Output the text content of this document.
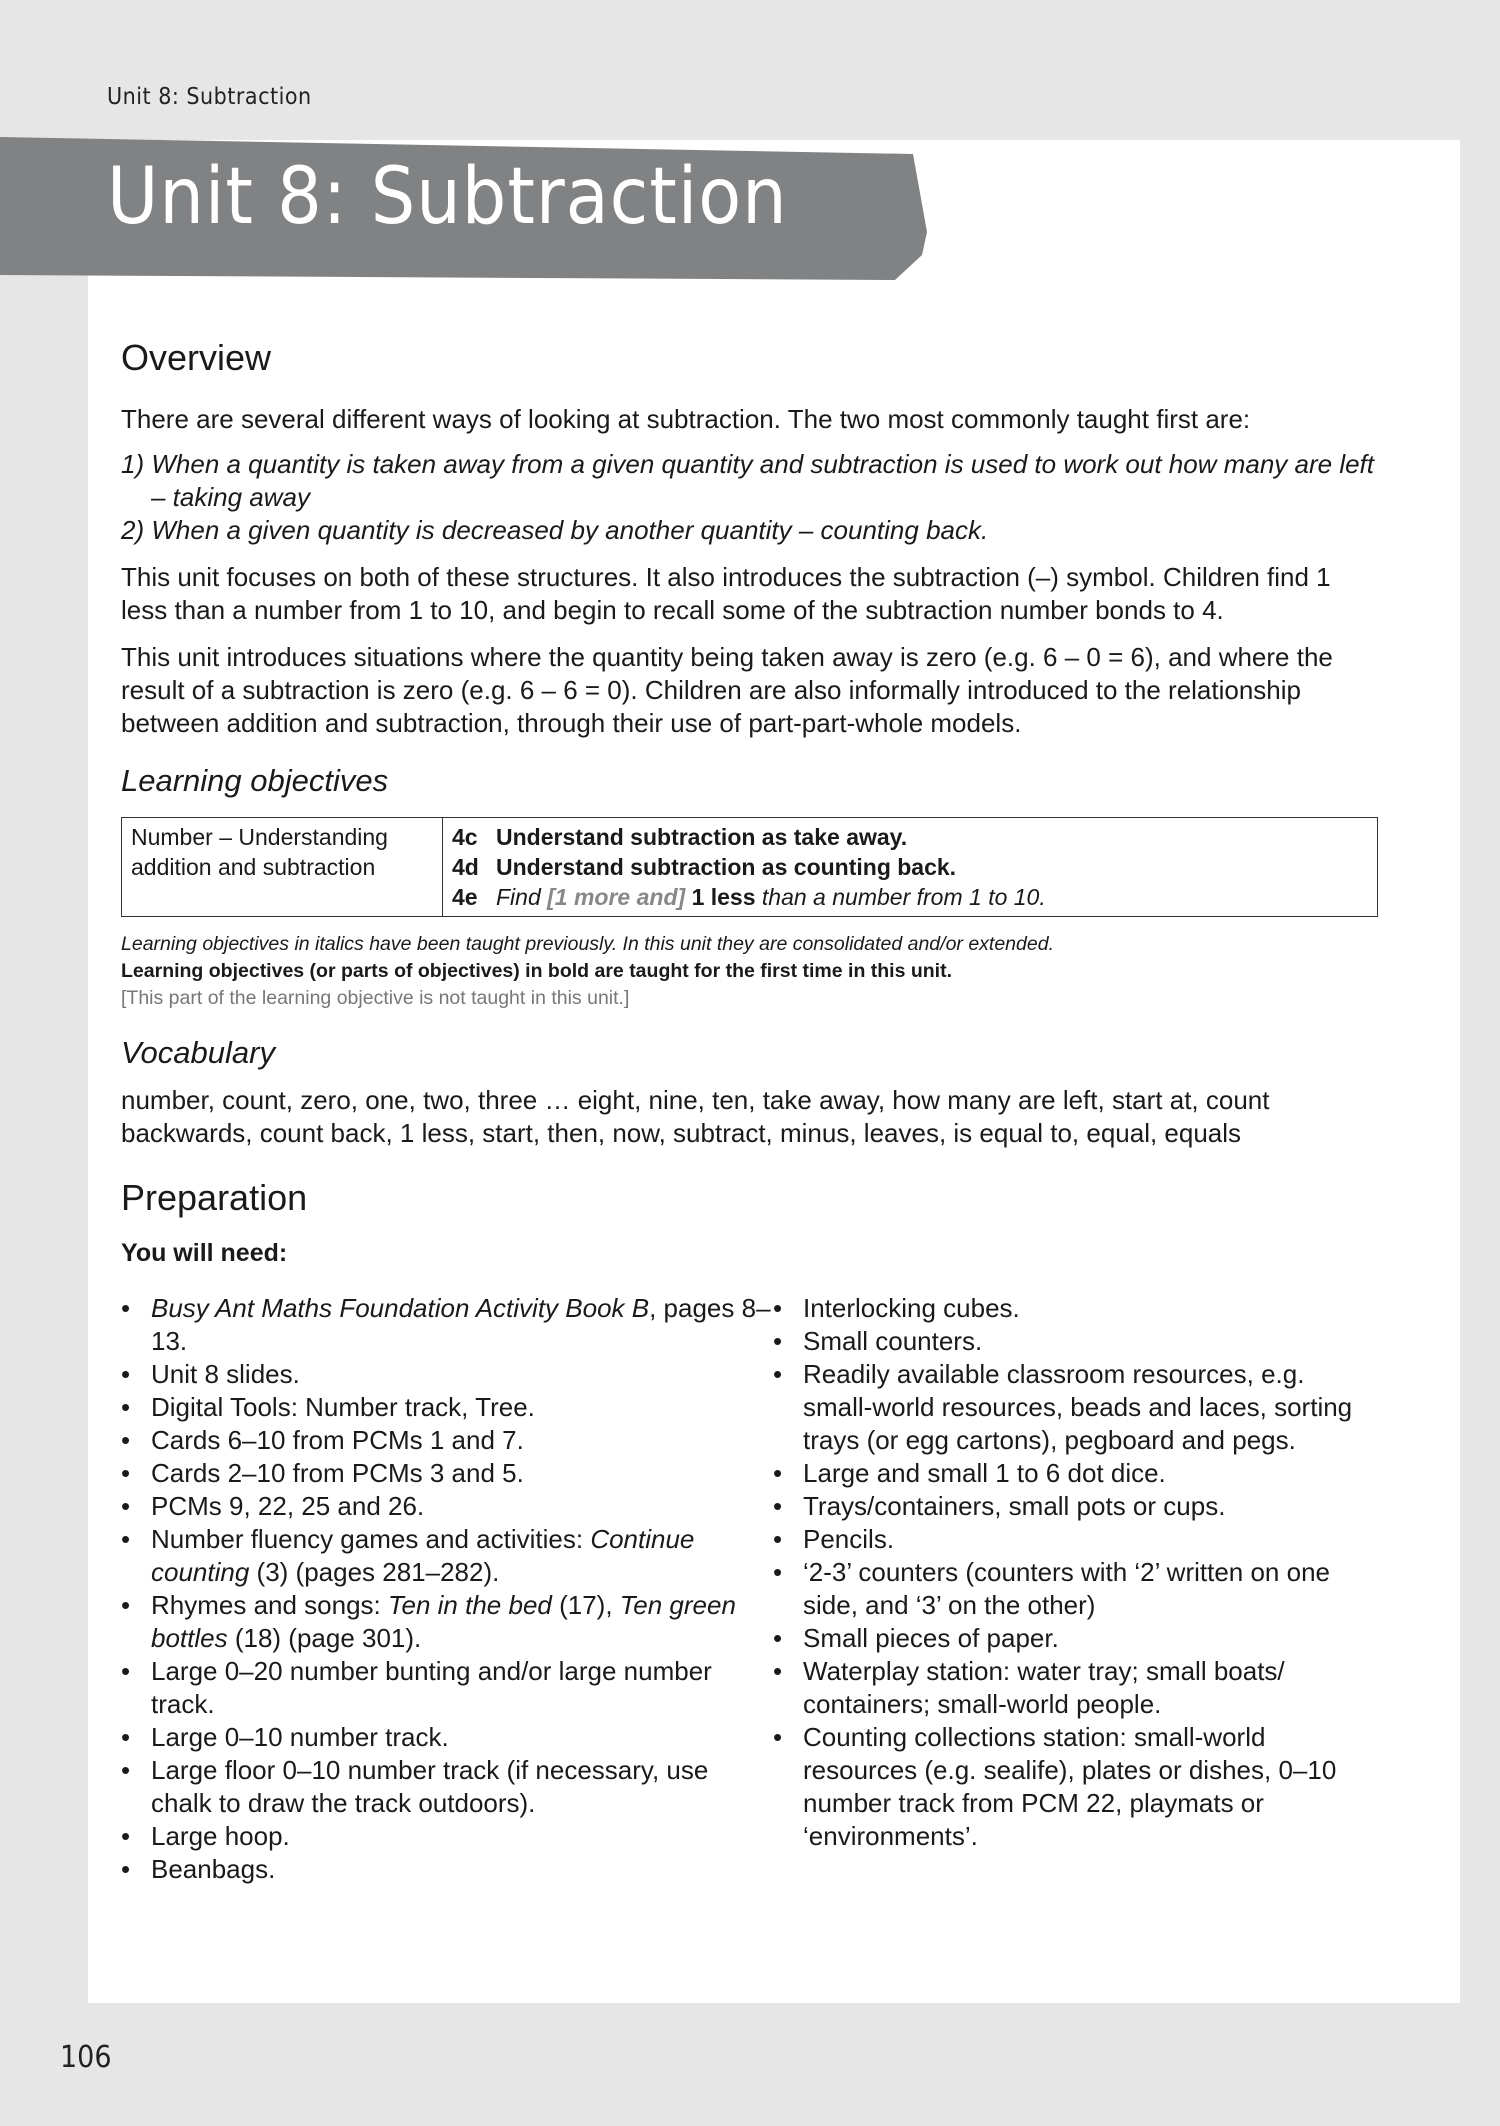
Unit 8: Subtraction
Unit 8: Subtraction
Overview

There are several different ways of looking at subtraction. The two most commonly taught first are:

1) When a quantity is taken away from a given quantity and subtraction is used to work out how many are left – taking away
2) When a given quantity is decreased by another quantity – counting back.

This unit focuses on both of these structures. It also introduces the subtraction (–) symbol. Children find 1 less than a number from 1 to 10, and begin to recall some of the subtraction number bonds to 4.

This unit introduces situations where the quantity being taken away is zero (e.g. 6 – 0 = 6), and where the result of a subtraction is zero (e.g. 6 – 6 = 0). Children are also informally introduced to the relationship between addition and subtraction, through their use of part-part-whole models.

Learning objectives
Number – Understanding addition and subtraction	
4c Understand subtraction as take away.
4d Understand subtraction as counting back.
4e Find [1 more and] 1 less than a number from 1 to 10.
Learning objectives in italics have been taught previously. In this unit they are consolidated and/or extended.
Learning objectives (or parts of objectives) in bold are taught for the first time in this unit.
[This part of the learning objective is not taught in this unit.]
Vocabulary
number, count, zero, one, two, three … eight, nine, ten, take away, how many are left, start at, count backwards, count back, 1 less, start, then, now, subtract, minus, leaves, is equal to, equal, equals
Preparation
You will need:
• Busy Ant Maths Foundation Activity Book B, pages 8–13.
• Unit 8 slides.
• Digital Tools: Number track, Tree.
• Cards 6–10 from PCMs 1 and 7.
• Cards 2–10 from PCMs 3 and 5.
• PCMs 9, 22, 25 and 26.
• Number fluency games and activities: Continue counting (3) (pages 281–282).
• Rhymes and songs: Ten in the bed (17), Ten green bottles (18) (page 301).
• Large 0–20 number bunting and/or large number track.
• Large 0–10 number track.
• Large floor 0–10 number track (if necessary, use chalk to draw the track outdoors).
• Large hoop.
• Beanbags.
• Interlocking cubes.
• Small counters.
• Readily available classroom resources, e.g. small-world resources, beads and laces, sorting trays (or egg cartons), pegboard and pegs.
• Large and small 1 to 6 dot dice.
• Trays/containers, small pots or cups.
• Pencils.
• ‘2-3’ counters (counters with ‘2’ written on one side, and ‘3’ on the other)
• Small pieces of paper.
• Waterplay station: water tray; small boats/ containers; small-world people.
• Counting collections station: small-world resources (e.g. sealife), plates or dishes, 0–10 number track from PCM 22, playmats or ‘environments’.
106
